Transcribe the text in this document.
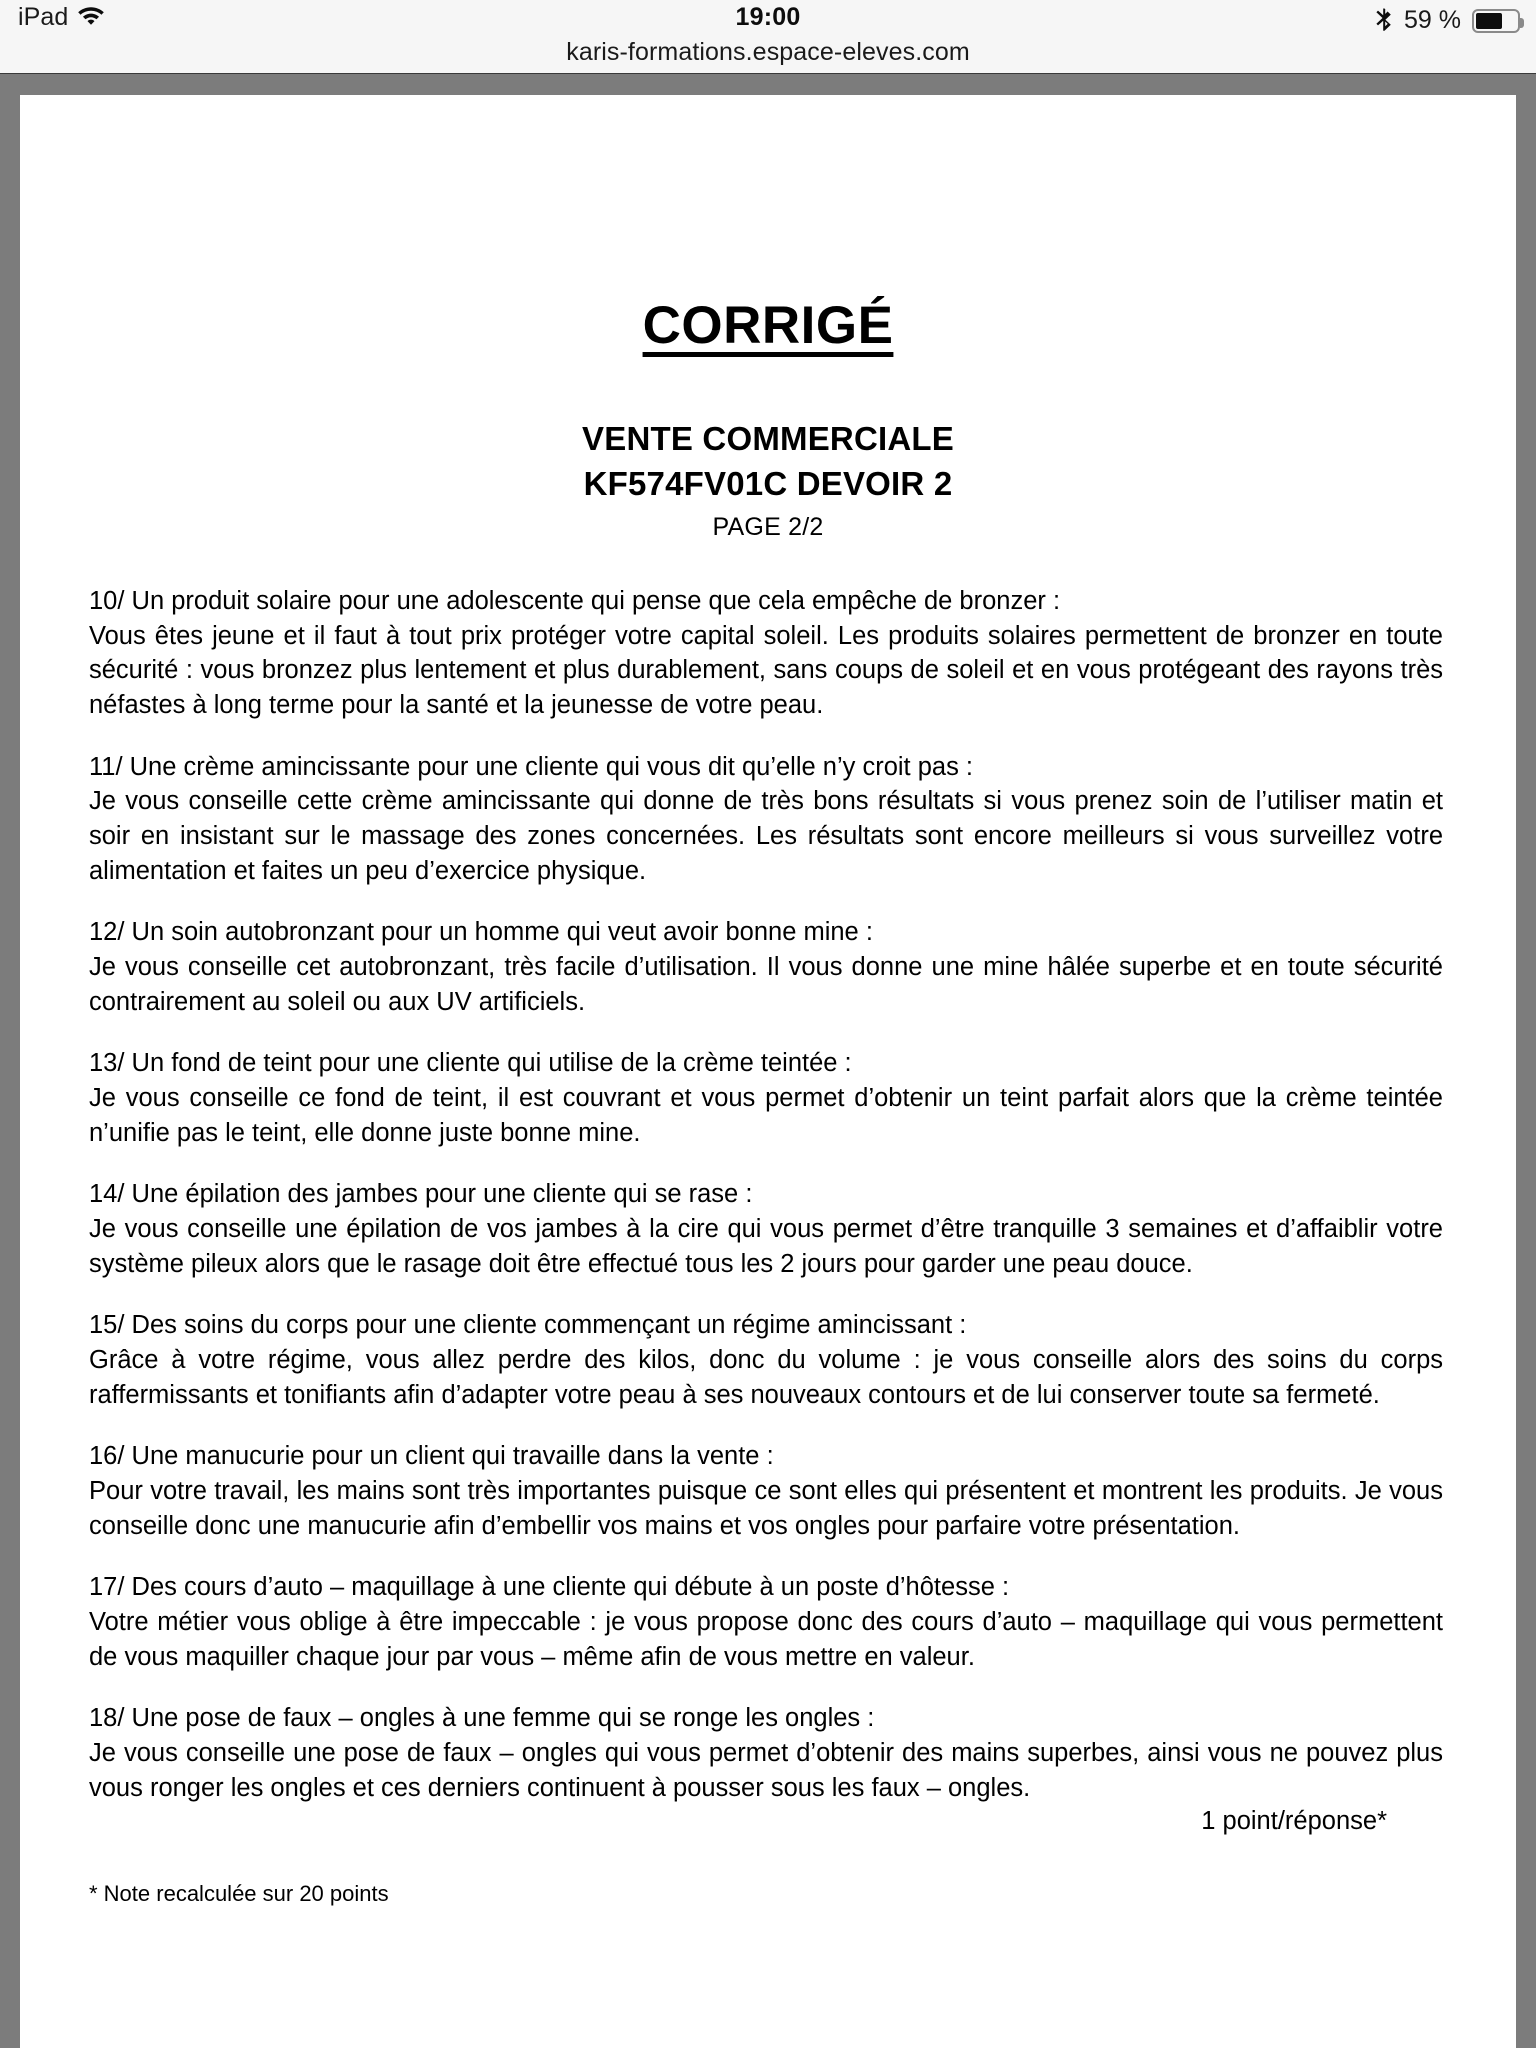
iPad	19:00
karis-formations.espace-eleves.com
59 %
CORRIGÉ
VENTE COMMERCIALE
KF574FV01C DEVOIR 2
PAGE 2/2

10/ Un produit solaire pour une adolescente qui pense que cela empêche de bronzer :

Vous êtes jeune et il faut à tout prix protéger votre capital soleil. Les produits solaires permettent de bronzer en toute sécurité : vous bronzez plus lentement et plus durablement, sans coups de soleil et en vous protégeant des rayons très néfastes à long terme pour la santé et la jeunesse de votre peau.

11/ Une crème amincissante pour une cliente qui vous dit qu’elle n’y croit pas :

Je vous conseille cette crème amincissante qui donne de très bons résultats si vous prenez soin de l’utiliser matin et soir en insistant sur le massage des zones concernées. Les résultats sont encore meilleurs si vous surveillez votre alimentation et faites un peu d’exercice physique.

12/ Un soin autobronzant pour un homme qui veut avoir bonne mine :

Je vous conseille cet autobronzant, très facile d’utilisation. Il vous donne une mine hâlée superbe et en toute sécurité contrairement au soleil ou aux UV artificiels.

13/ Un fond de teint pour une cliente qui utilise de la crème teintée :

Je vous conseille ce fond de teint, il est couvrant et vous permet d’obtenir un teint parfait alors que la crème teintée n’unifie pas le teint, elle donne juste bonne mine.

14/ Une épilation des jambes pour une cliente qui se rase :

Je vous conseille une épilation de vos jambes à la cire qui vous permet d’être tranquille 3 semaines et d’affaiblir votre système pileux alors que le rasage doit être effectué tous les 2 jours pour garder une peau douce.

15/ Des soins du corps pour une cliente commençant un régime amincissant :

Grâce à votre régime, vous allez perdre des kilos, donc du volume : je vous conseille alors des soins du corps raffermissants et tonifiants afin d’adapter votre peau à ses nouveaux contours et de lui conserver toute sa fermeté.

16/ Une manucurie pour un client qui travaille dans la vente :

Pour votre travail, les mains sont très importantes puisque ce sont elles qui présentent et montrent les produits. Je vous conseille donc une manucurie afin d’embellir vos mains et vos ongles pour parfaire votre présentation.

17/ Des cours d’auto – maquillage à une cliente qui débute à un poste d’hôtesse :

Votre métier vous oblige à être impeccable : je vous propose donc des cours d’auto – maquillage qui vous permettent de vous maquiller chaque jour par vous – même afin de vous mettre en valeur.

18/ Une pose de faux – ongles à une femme qui se ronge les ongles :

Je vous conseille une pose de faux – ongles qui vous permet d’obtenir des mains superbes, ainsi vous ne pouvez plus vous ronger les ongles et ces derniers continuent à pousser sous les faux – ongles.

1 point/réponse*

* Note recalculée sur 20 points
